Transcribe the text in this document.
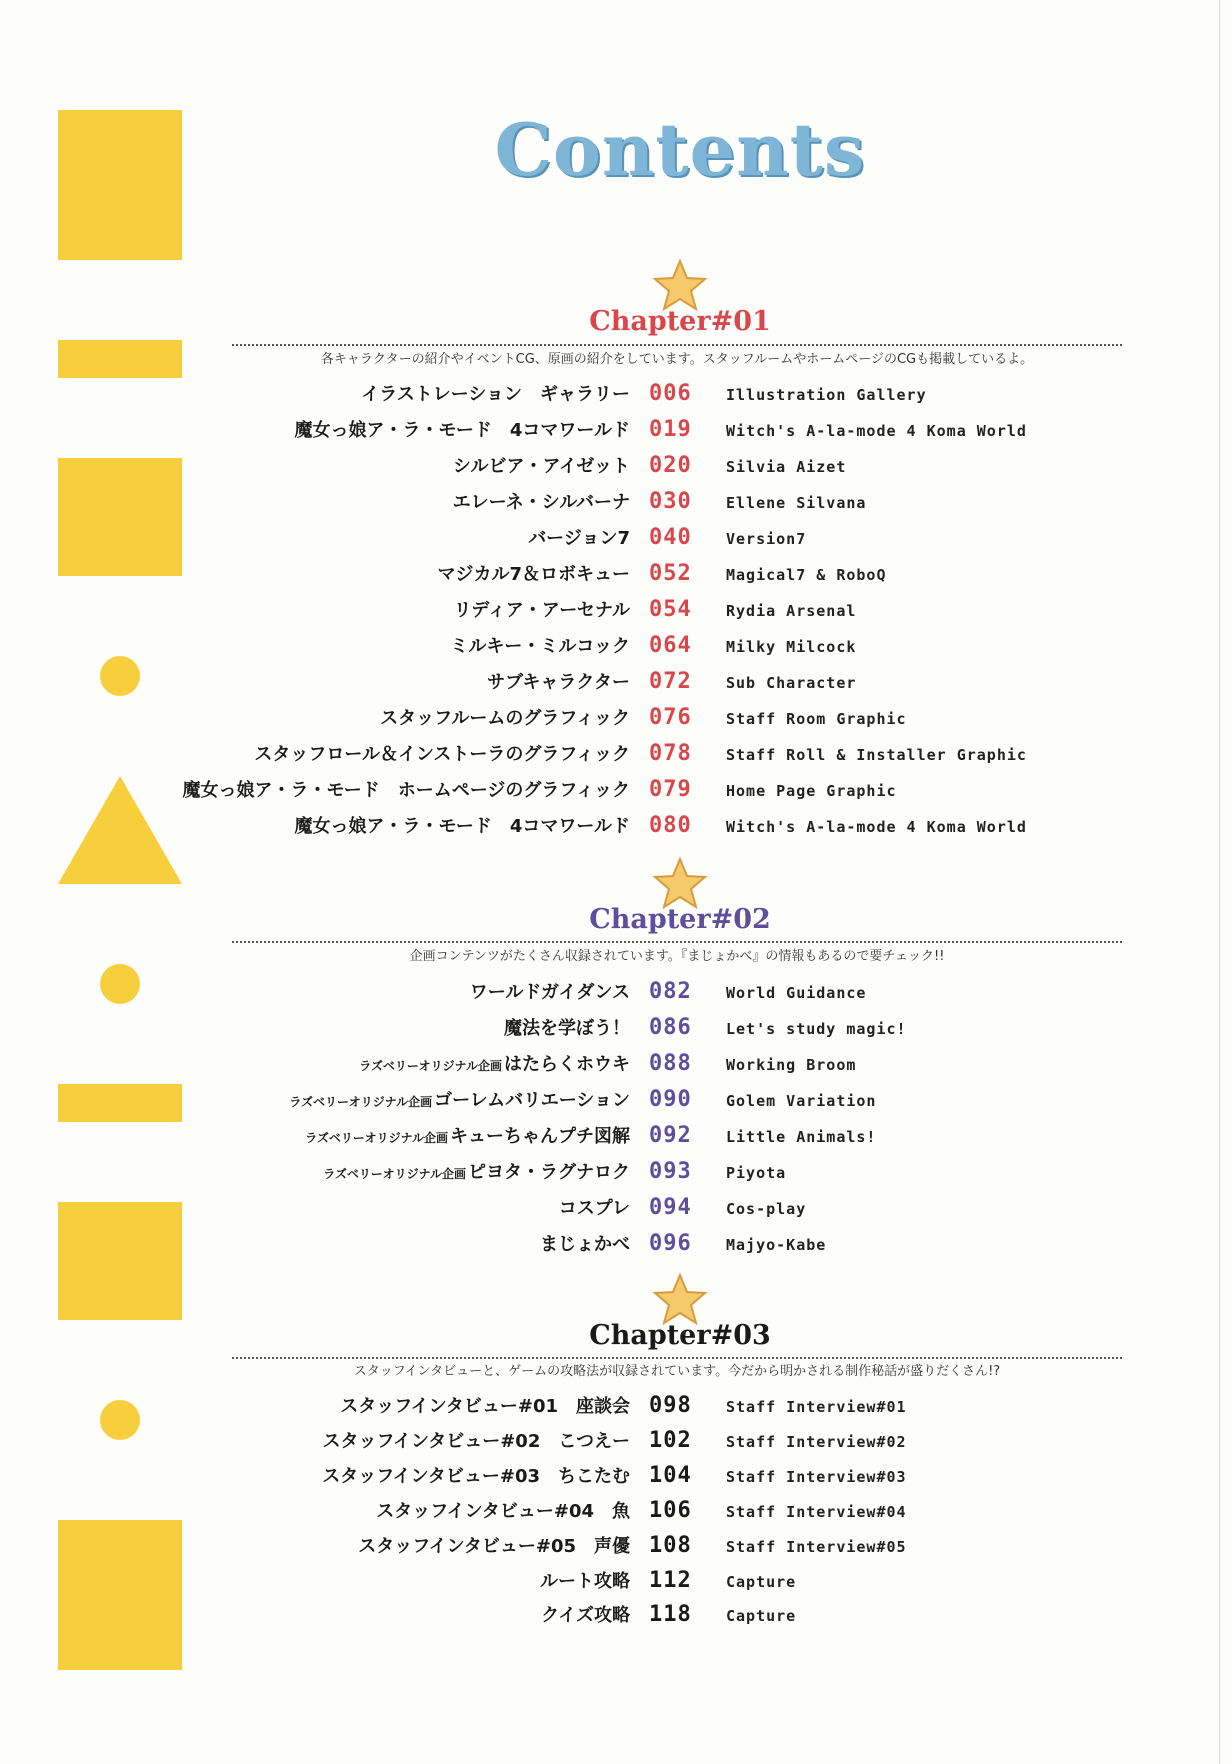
Contents
Chapter#01
各キャラクターの紹介やイベントCG、原画の紹介をしています。スタッフルームやホームページのCGも掲載しているよ。
イラストレーション　ギャラリー 006	Illustration Gallery
魔女っ娘ア・ラ・モード　4コマワールド 019	Witch's A-la-mode 4 Koma World
シルビア・アイゼット 020	Silvia Aizet
エレーネ・シルバーナ 030	Ellene Silvana
バージョン7 040	Version7
マジカル7＆ロボキュー 052	Magical7 & RoboQ
リディア・アーセナル 054	Rydia Arsenal
ミルキー・ミルコック 064	Milky Milcock
サブキャラクター 072	Sub Character
スタッフルームのグラフィック 076	Staff Room Graphic
スタッフロール＆インストーラのグラフィック 078	Staff Roll & Installer Graphic
魔女っ娘ア・ラ・モード　ホームページのグラフィック 079	Home Page Graphic
魔女っ娘ア・ラ・モード　4コマワールド 080	Witch's A-la-mode 4 Koma World
Chapter#02
企画コンテンツがたくさん収録されています。『まじょかべ』の情報もあるので要チェック!!
ワールドガイダンス 082	World Guidance
魔法を学ぼう！ 086	Let's study magic!
ラズベリーオリジナル企画 はたらくホウキ 088	Working Broom
ラズベリーオリジナル企画 ゴーレムバリエーション 090	Golem Variation
ラズベリーオリジナル企画 キューちゃんプチ図解 092	Little Animals!
ラズベリーオリジナル企画 ピヨタ・ラグナロク 093	Piyota
コスプレ 094	Cos-play
まじょかべ 096	Majyo-Kabe
Chapter#03
スタッフインタビューと、ゲームの攻略法が収録されています。今だから明かされる制作秘話が盛りだくさん!?
スタッフインタビュー#01　座談会 098	Staff Interview#01
スタッフインタビュー#02　こつえー 102	Staff Interview#02
スタッフインタビュー#03　ちこたむ 104	Staff Interview#03
スタッフインタビュー#04　魚 106	Staff Interview#04
スタッフインタビュー#05　声優 108	Staff Interview#05
ルート攻略 112	Capture
クイズ攻略 118	Capture
